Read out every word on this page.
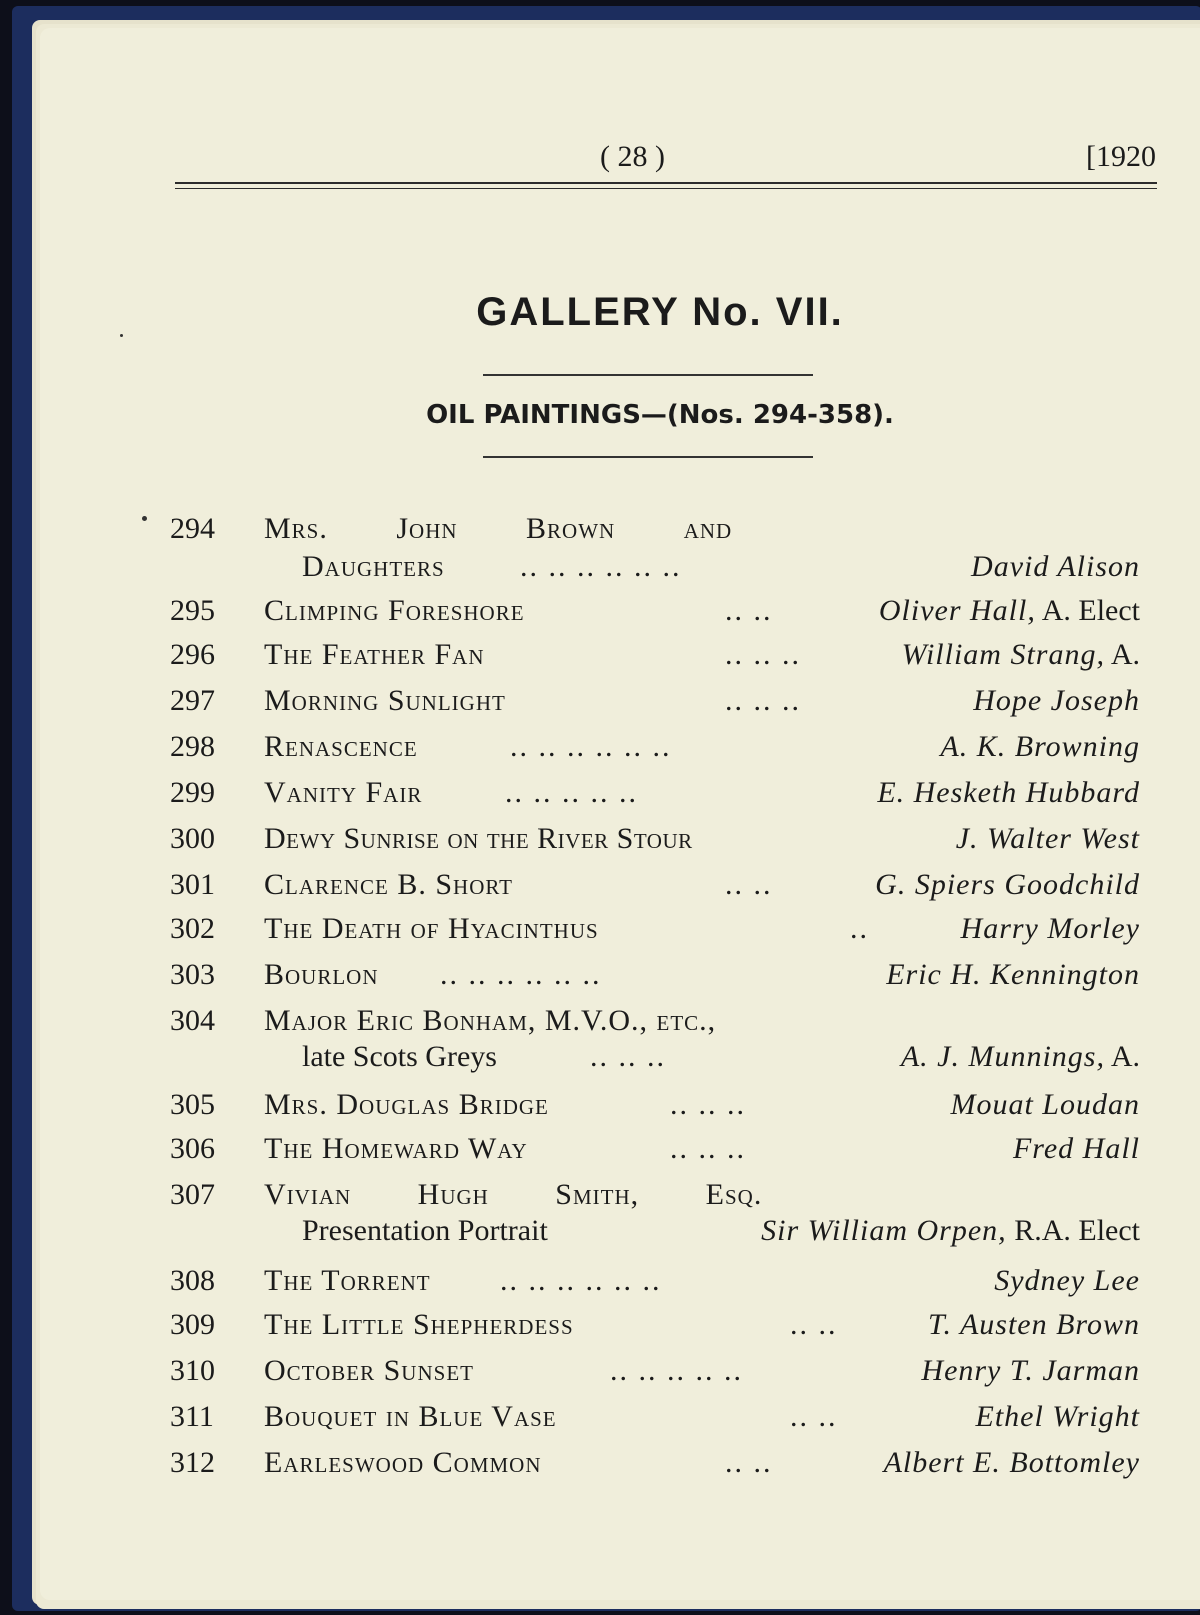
( 28 )	[1920
GALLERY No. VII.
OIL PAINTINGS—(Nos. 294-358).
294 Mrs. John Brown and
Daughters	.. .. .. .. .. ..	David Alison
295 Climping Foreshore	.. ..	Oliver Hall, A. Elect
296 The Feather Fan	.. .. ..	William Strang, A.
297 Morning Sunlight	.. .. ..	Hope Joseph
298 Renascence	.. .. .. .. .. ..	A. K. Browning
299 Vanity Fair	.. .. .. .. ..	E. Hesketh Hubbard
300 Dewy Sunrise on the River Stour	J. Walter West
301 Clarence B. Short	.. ..	G. Spiers Goodchild
302 The Death of Hyacinthus	..	Harry Morley
303 Bourlon .. .. .. .. .. ..	Eric H. Kennington
304 Major Eric Bonham, M.V.O., etc.,
late Scots Greys	.. .. ..	A. J. Munnings, A.
305 Mrs. Douglas Bridge	.. .. ..	Mouat Loudan
306 The Homeward Way	.. .. ..	Fred Hall
307 Vivian Hugh Smith, Esq.
Presentation Portrait	Sir William Orpen, R.A. Elect
308 The Torrent .. .. .. .. .. ..	Sydney Lee
309 The Little Shepherdess	.. ..	T. Austen Brown
310 October Sunset	.. .. .. .. ..	Henry T. Jarman
311 Bouquet in Blue Vase	.. ..	Ethel Wright
312 Earleswood Common	.. ..	Albert E. Bottomley
